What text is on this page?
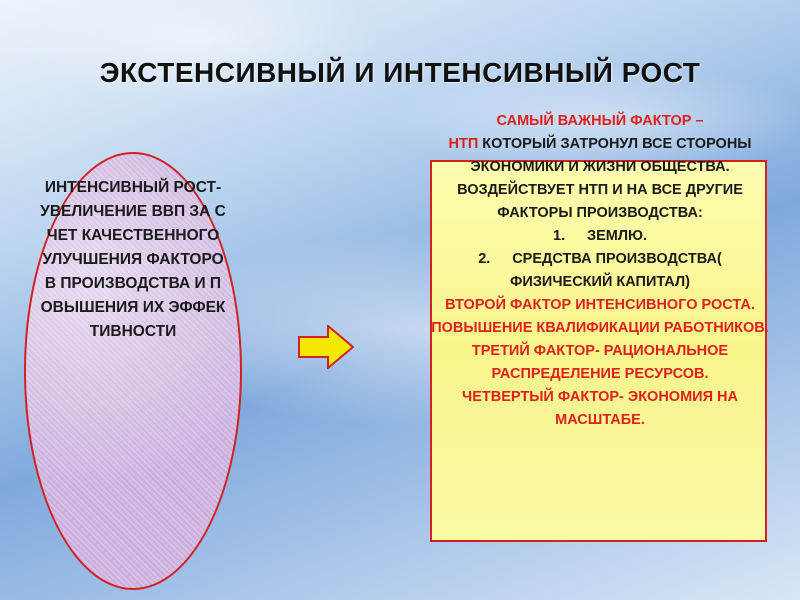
ЭКСТЕНСИВНЫЙ И ИНТЕНСИВНЫЙ РОСТ
ИНТЕНСИВНЫЙ РОСТ- УВЕЛИЧЕНИЕ ВВП ЗА СЧЕТ КАЧЕСТВЕННОГО УЛУЧШЕНИЯ ФАКТОРОВ ПРОИЗВОДСТВА И ПОВЫШЕНИЯ ИХ ЭФФЕКТИВНОСТИ

САМЫЙ ВАЖНЫЙ ФАКТОР –
НТП КОТОРЫЙ ЗАТРОНУЛ ВСЕ СТОРОНЫ ЭКОНОМИКИ И ЖИЗНИ ОБЩЕСТВА. ВОЗДЕЙСТВУЕТ НТП И НА ВСЕ ДРУГИЕ ФАКТОРЫ ПРОИЗВОДСТВА:

1. ЗЕМЛЮ.
2. СРЕДСТВА ПРОИЗВОДСТВА( ФИЗИЧЕСКИЙ КАПИТАЛ)

ВТОРОЙ ФАКТОР ИНТЕНСИВНОГО РОСТА. ПОВЫШЕНИЕ КВАЛИФИКАЦИИ РАБОТНИКОВ.

ТРЕТИЙ ФАКТОР- РАЦИОНАЛЬНОЕ РАСПРЕДЕЛЕНИЕ РЕСУРСОВ.

ЧЕТВЕРТЫЙ ФАКТОР- ЭКОНОМИЯ НА МАСШТАБЕ.
